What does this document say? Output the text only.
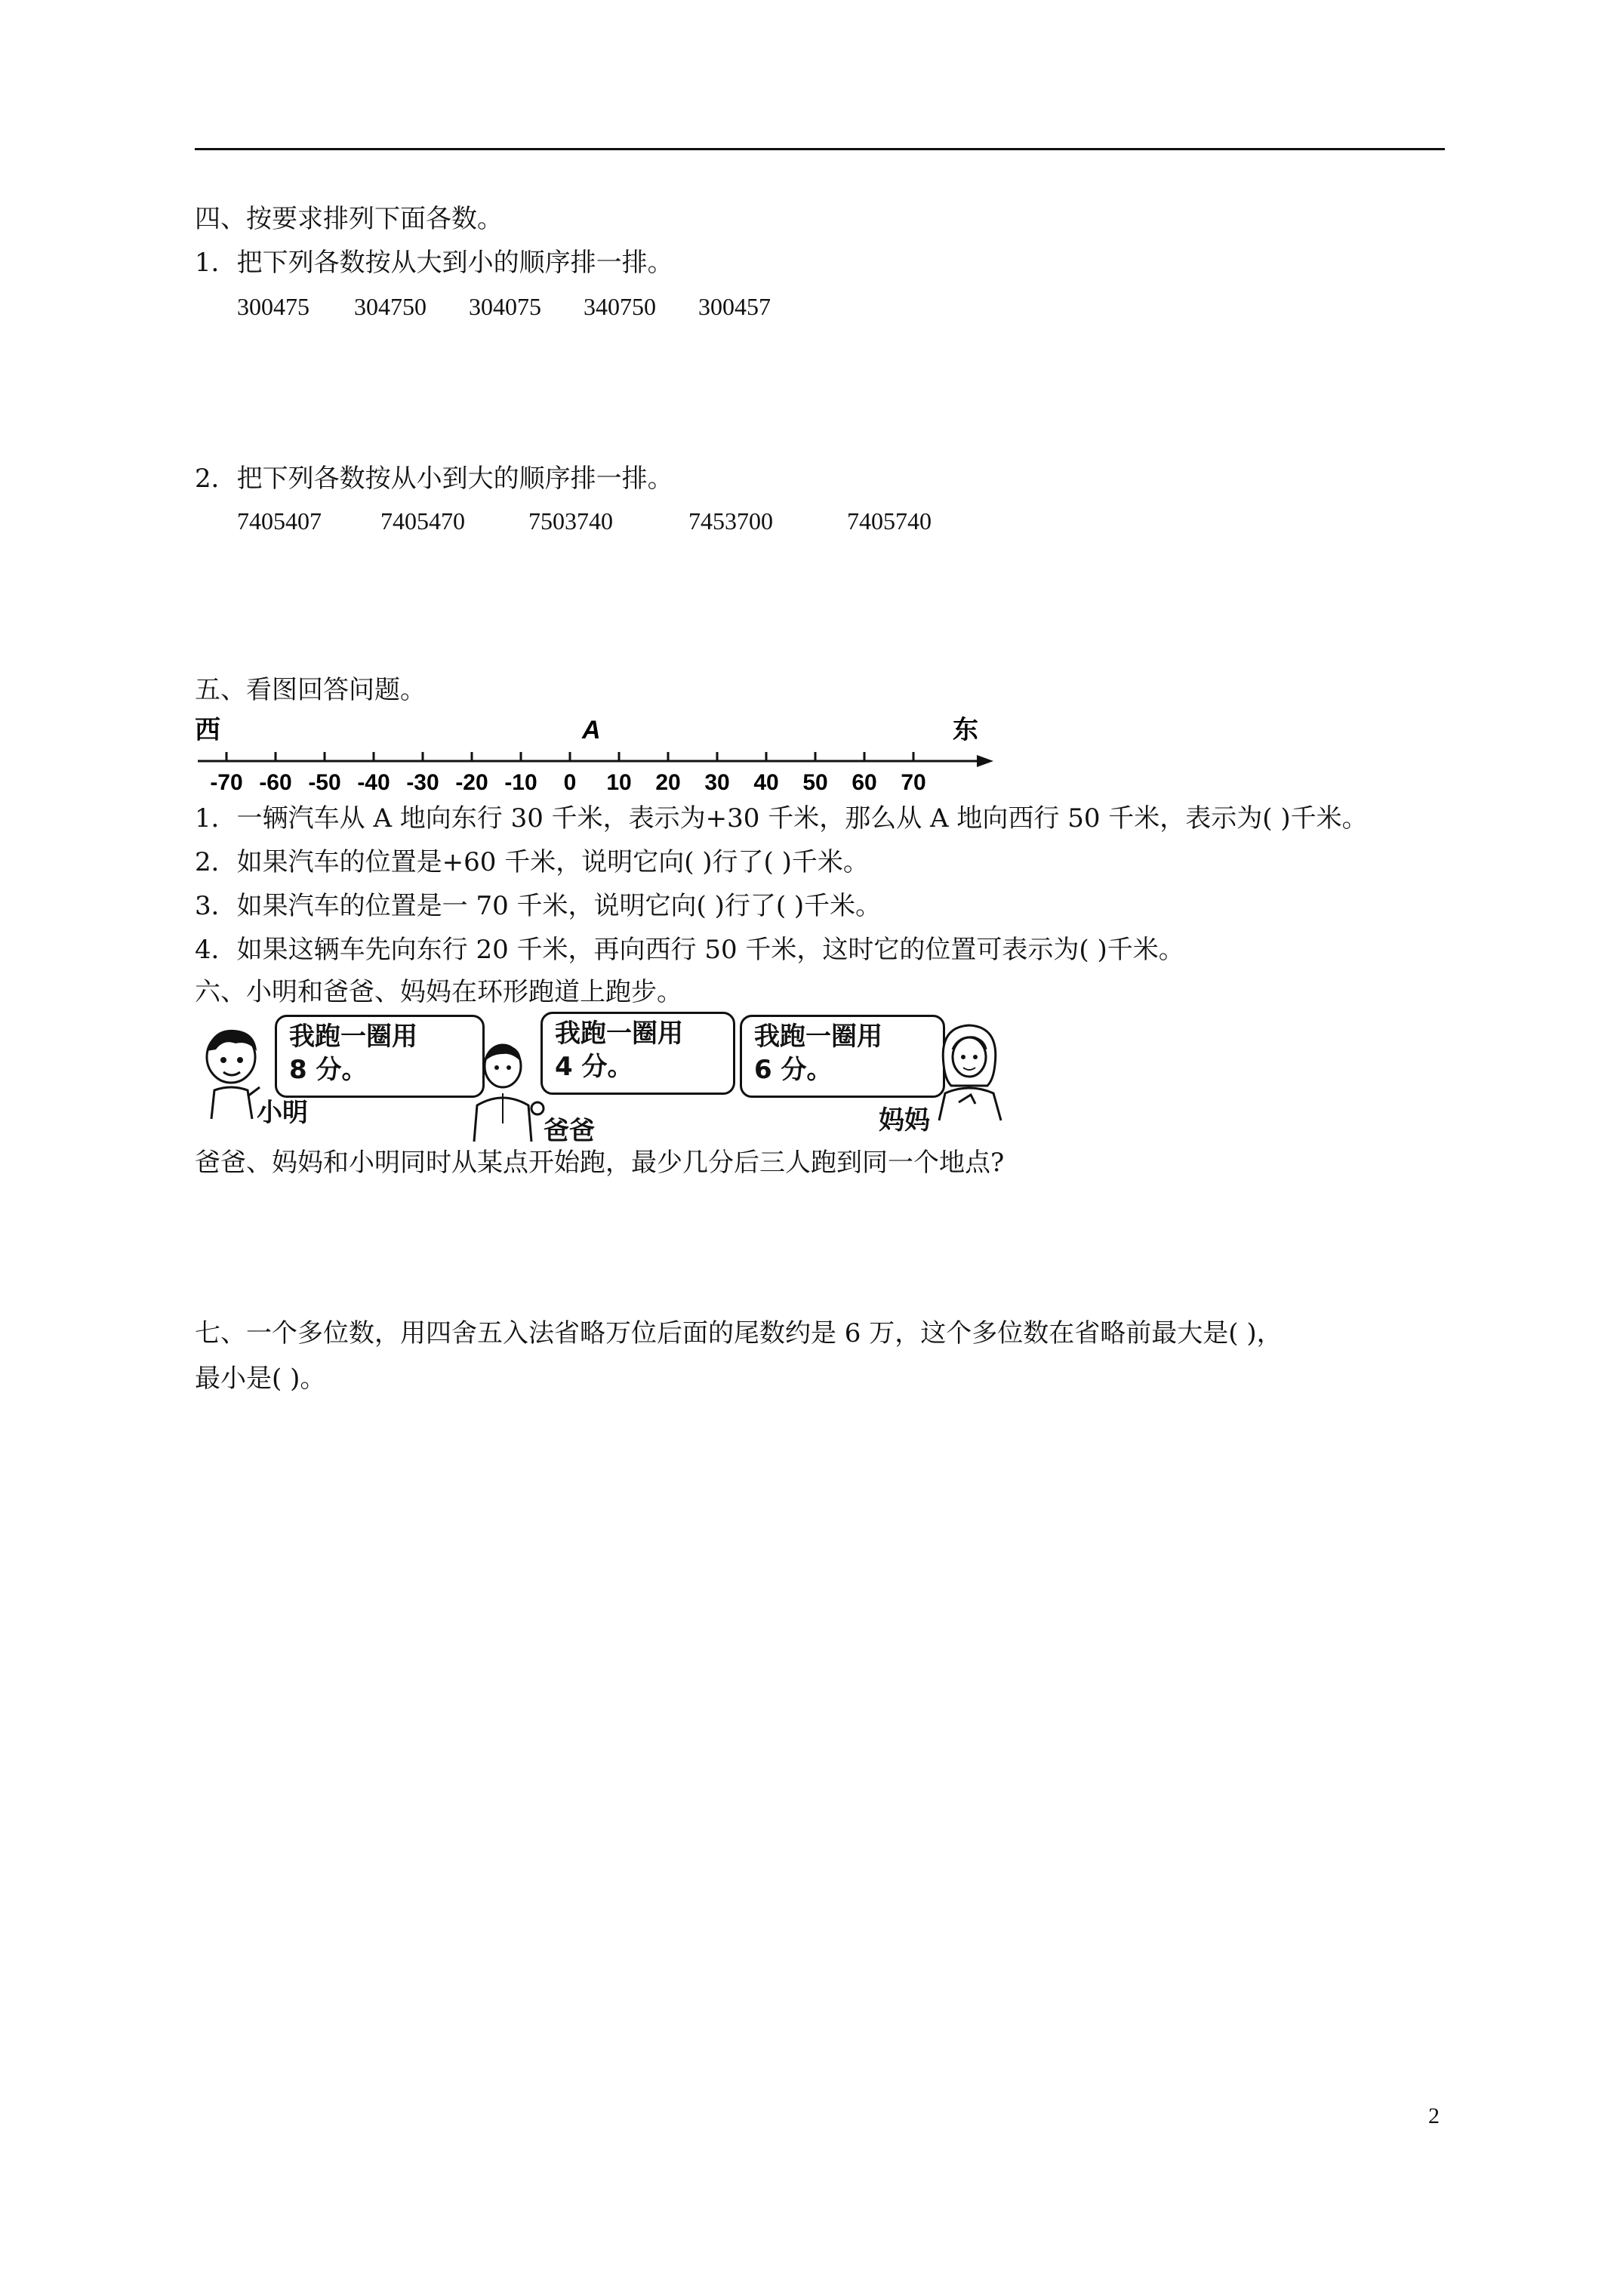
四、按要求排列下面各数。
1．把下列各数按从大到小的顺序排一排。
300475 304750 304075 340750 300457
2．把下列各数按从小到大的顺序排一排。
7405407 7405470	7503740	7453700	7405740
五、看图回答问题。
西	A	东
-70 -60 -50 -40 -30 -20 -10 0 10 20 30 40 50 60 70
1．一辆汽车从 A 地向东行 30 千米，表示为+30 千米，那么从 A 地向西行 50 千米，表示为( )千米。
2．如果汽车的位置是+60 千米，说明它向( )行了( )千米。
3．如果汽车的位置是一 70 千米，说明它向( )行了( )千米。
4．如果这辆车先向东行 20 千米，再向西行 50 千米，这时它的位置可表示为( )千米。
六、小明和爸爸、妈妈在环形跑道上跑步。
我跑一圈用
8 分。
小明
我跑一圈用
4 分。
爸爸
我跑一圈用
6 分。
妈妈
爸爸、妈妈和小明同时从某点开始跑，最少几分后三人跑到同一个地点?
七、一个多位数，用四舍五入法省略万位后面的尾数约是 6 万，这个多位数在省略前最大是( )，
最小是( )。
2
